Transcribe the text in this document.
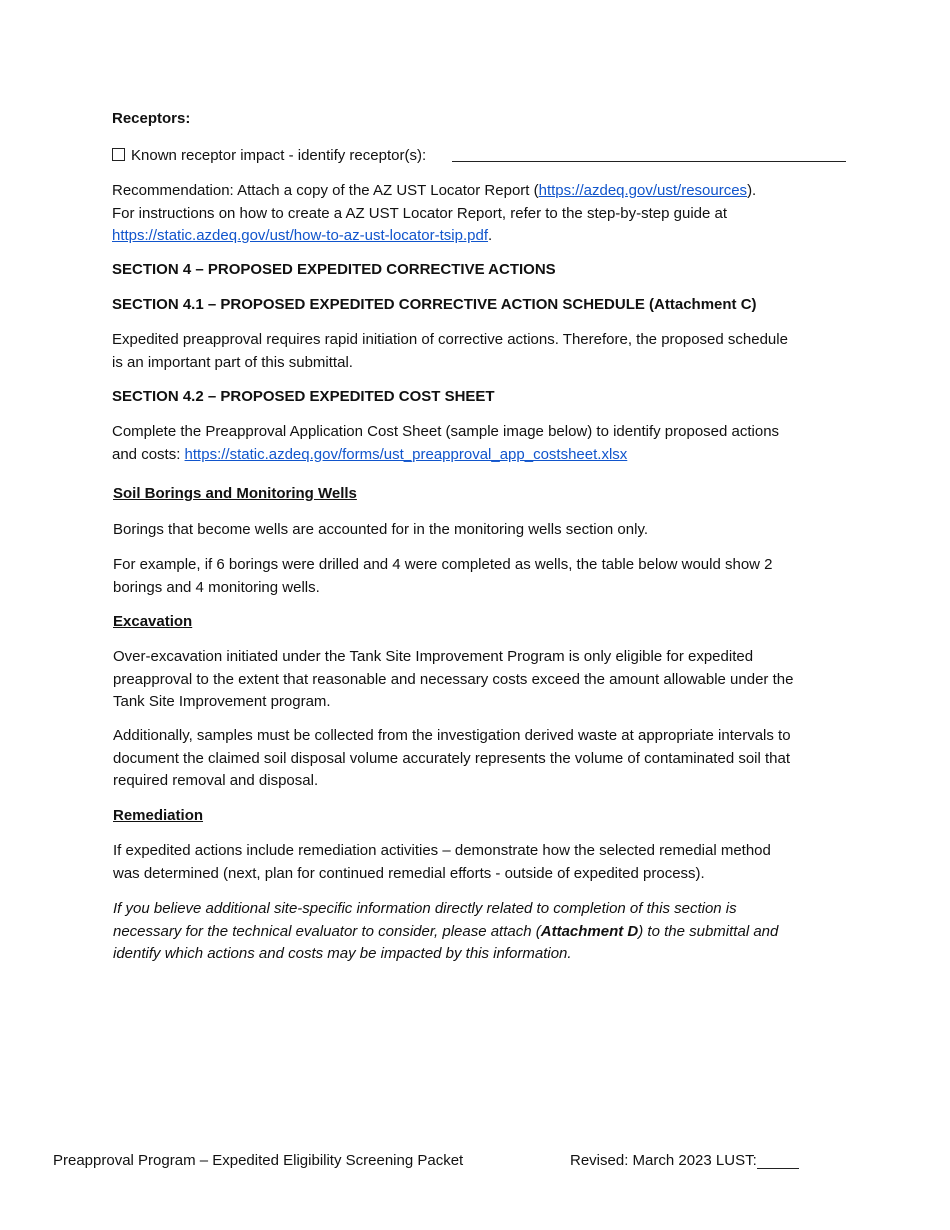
Receptors:
Known receptor impact - identify receptor(s):
Recommendation: Attach a copy of the AZ UST Locator Report (https://azdeq.gov/ust/resources).
For instructions on how to create a AZ UST Locator Report, refer to the step-by-step guide at
https://static.azdeq.gov/ust/how-to-az-ust-locator-tsip.pdf.
SECTION 4 – PROPOSED EXPEDITED CORRECTIVE ACTIONS
SECTION 4.1 – PROPOSED EXPEDITED CORRECTIVE ACTION SCHEDULE (Attachment C)
Expedited preapproval requires rapid initiation of corrective actions. Therefore, the proposed schedule
is an important part of this submittal.
SECTION 4.2 – PROPOSED EXPEDITED COST SHEET
Complete the Preapproval Application Cost Sheet (sample image below) to identify proposed actions
and costs: https://static.azdeq.gov/forms/ust_preapproval_app_costsheet.xlsx
Soil Borings and Monitoring Wells
Borings that become wells are accounted for in the monitoring wells section only.
For example, if 6 borings were drilled and 4 were completed as wells, the table below would show 2
borings and 4 monitoring wells.
Excavation
Over-excavation initiated under the Tank Site Improvement Program is only eligible for expedited
preapproval to the extent that reasonable and necessary costs exceed the amount allowable under the
Tank Site Improvement program.
Additionally, samples must be collected from the investigation derived waste at appropriate intervals to
document the claimed soil disposal volume accurately represents the volume of contaminated soil that
required removal and disposal.
Remediation
If expedited actions include remediation activities – demonstrate how the selected remedial method
was determined (next, plan for continued remedial efforts - outside of expedited process).
If you believe additional site-specific information directly related to completion of this section is
necessary for the technical evaluator to consider, please attach (Attachment D) to the submittal and
identify which actions and costs may be impacted by this information.
Preapproval Program – Expedited Eligibility Screening Packet	Revised: March 2023 LUST:
